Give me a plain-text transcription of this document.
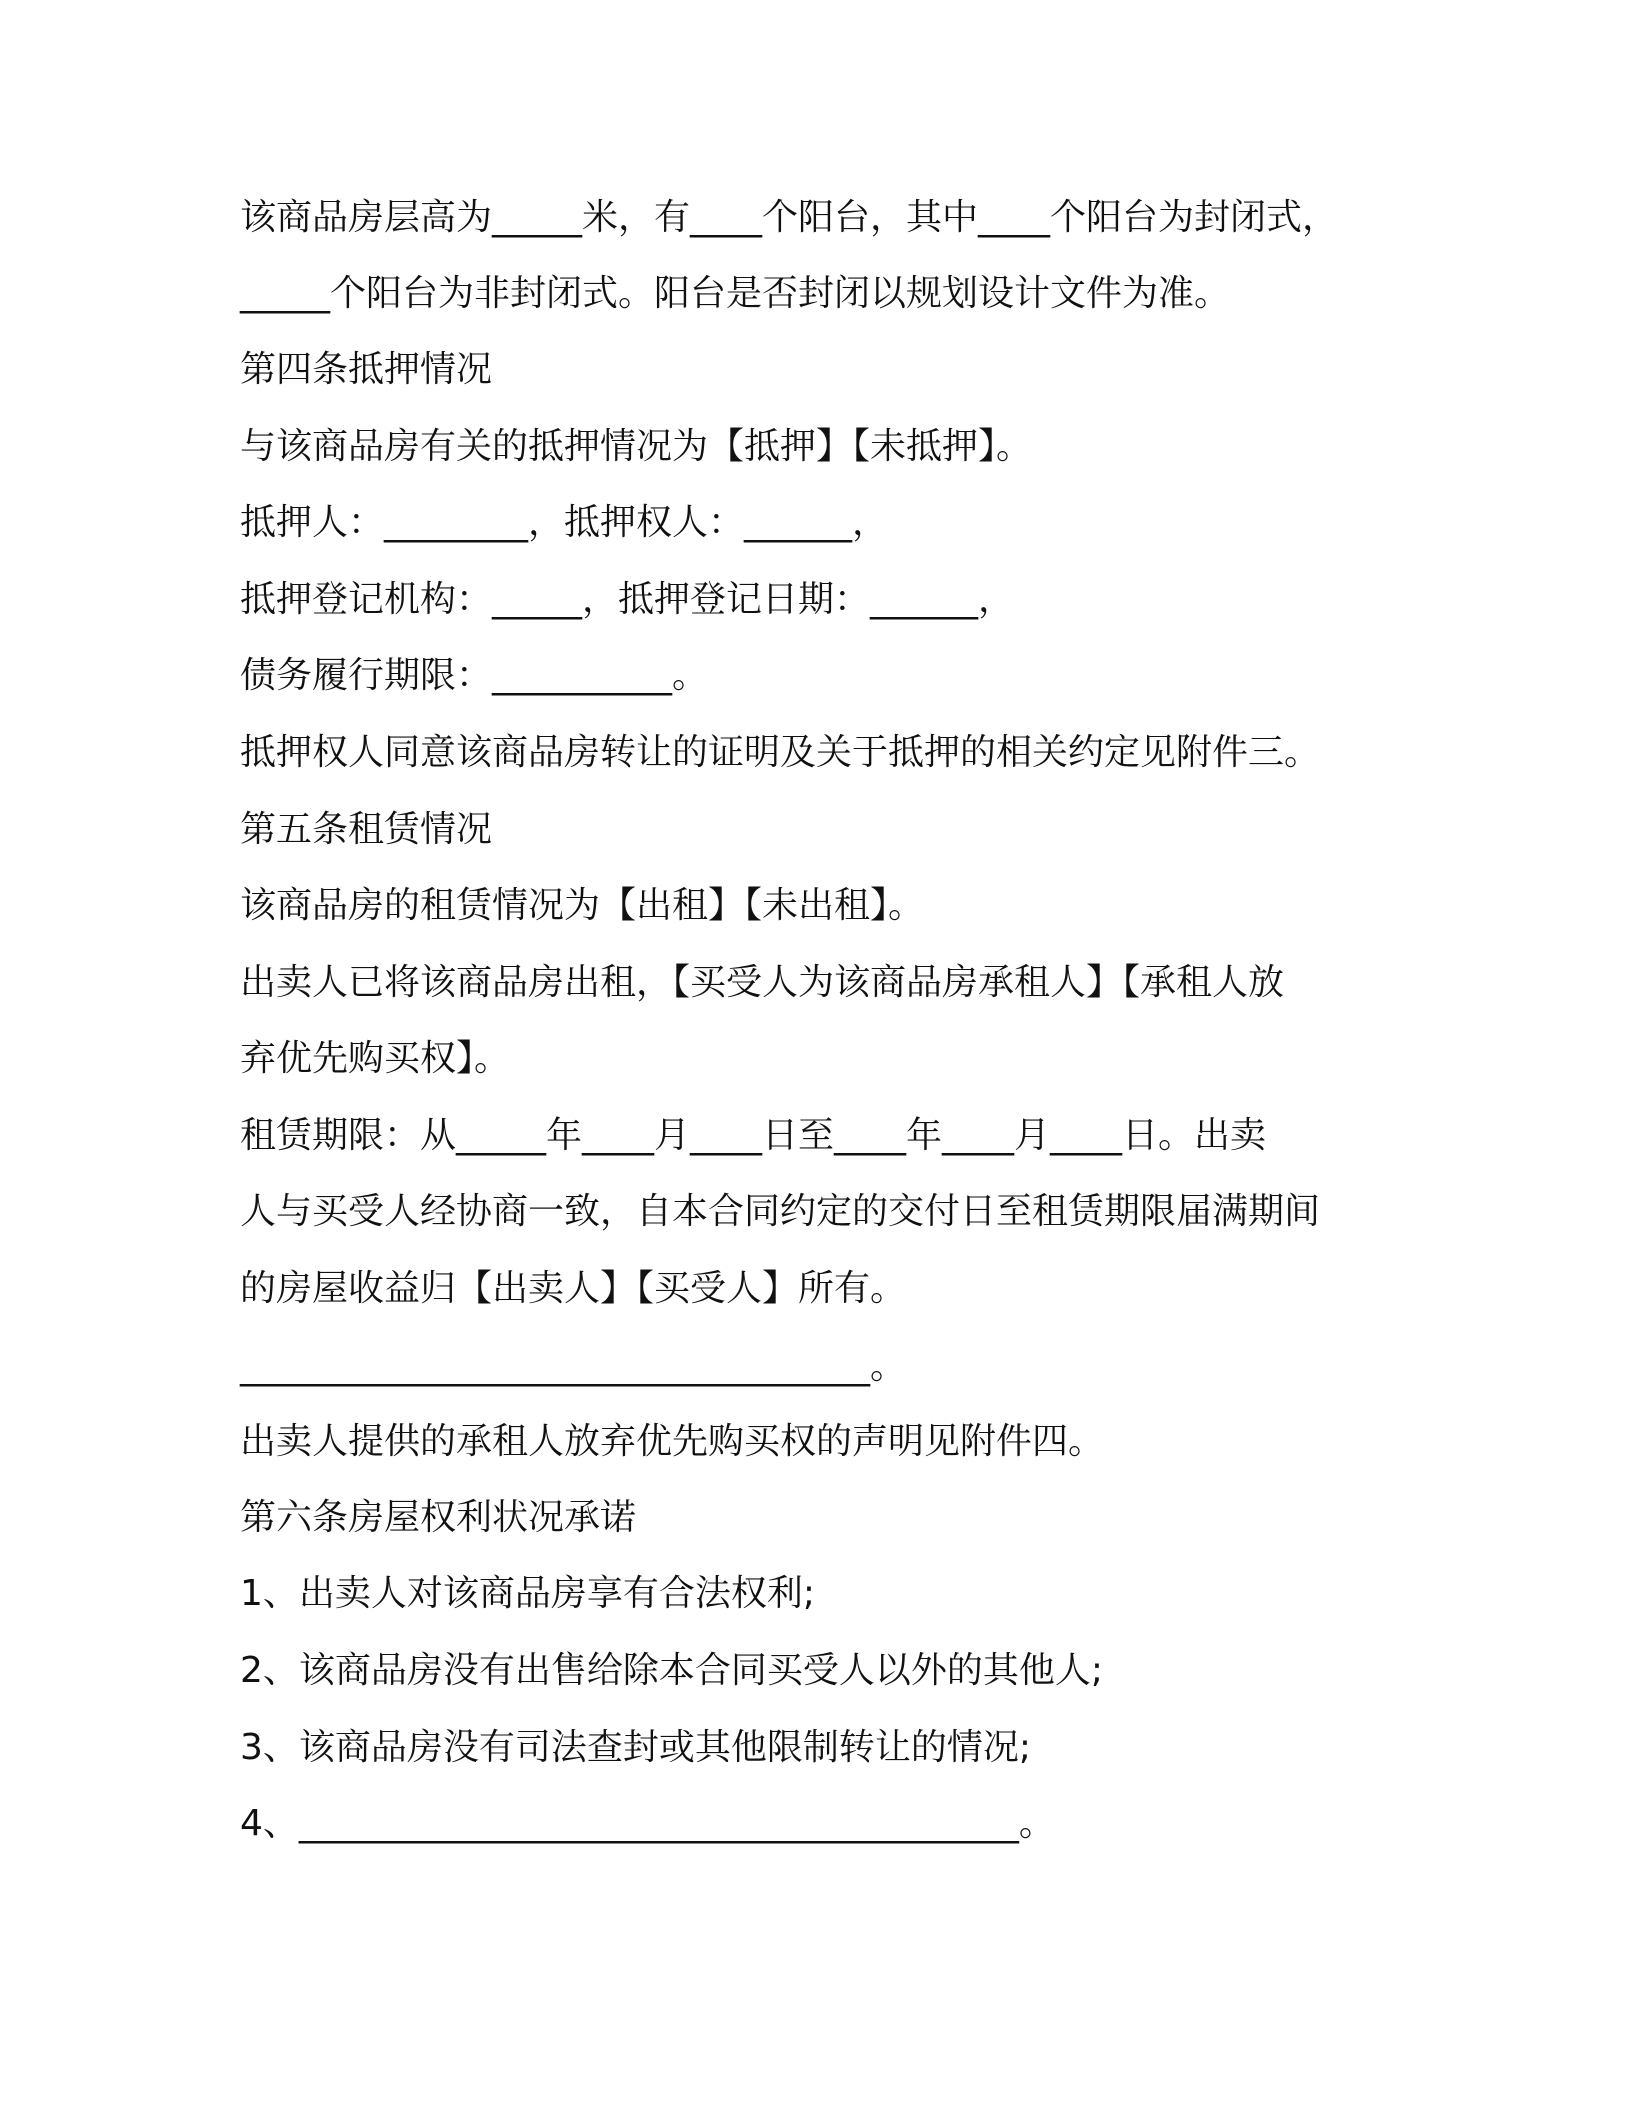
该商品房层高为_____米，有____个阳台，其中____个阳台为封闭式，
_____个阳台为非封闭式。阳台是否封闭以规划设计文件为准。
第四条抵押情况
与该商品房有关的抵押情况为【抵押】【未抵押】。
抵押人：________，抵押权人：______，
抵押登记机构：_____，抵押登记日期：______，
债务履行期限：__________。
抵押权人同意该商品房转让的证明及关于抵押的相关约定见附件三。
第五条租赁情况
该商品房的租赁情况为【出租】【未出租】。
出卖人已将该商品房出租，【买受人为该商品房承租人】【承租人放
弃优先购买权】。
租赁期限：从_____年____月____日至____年____月____日。出卖
人与买受人经协商一致，自本合同约定的交付日至租赁期限届满期间
的房屋收益归【出卖人】【买受人】所有。
___________________________________。
出卖人提供的承租人放弃优先购买权的声明见附件四。
第六条房屋权利状况承诺
1、出卖人对该商品房享有合法权利;
2、该商品房没有出售给除本合同买受人以外的其他人;
3、该商品房没有司法查封或其他限制转让的情况;
4、________________________________________。
